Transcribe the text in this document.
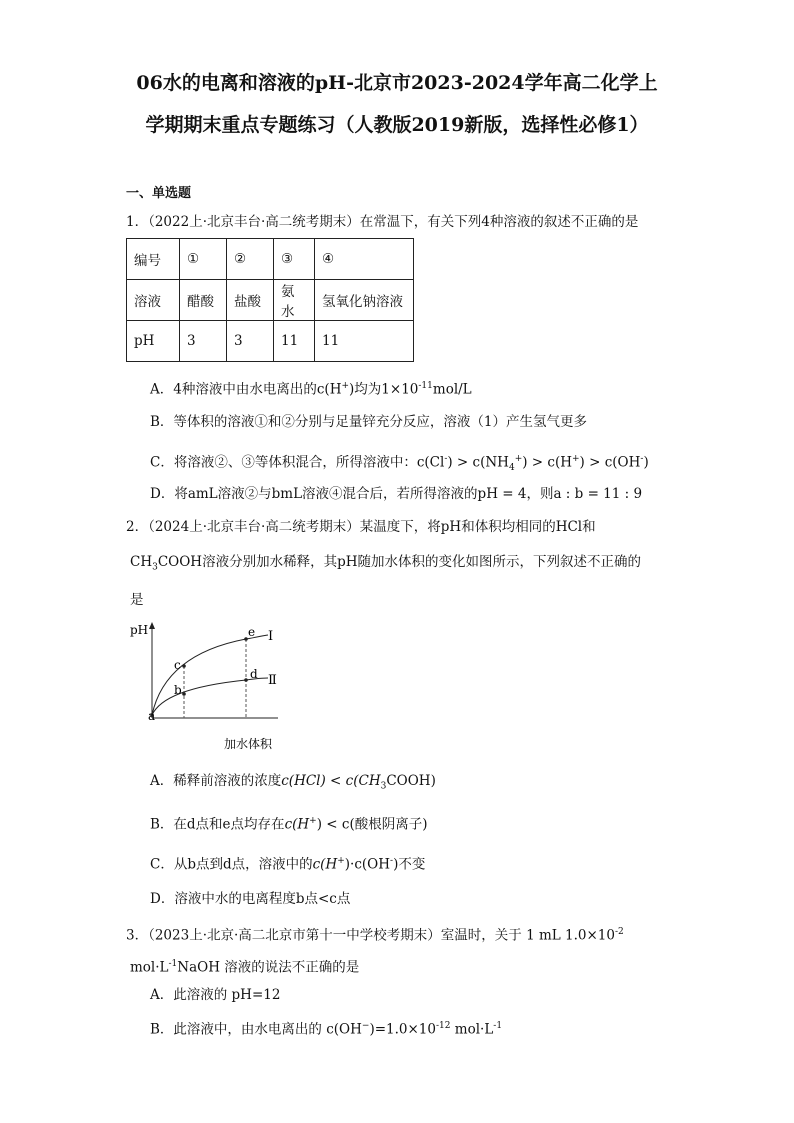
06水的电离和溶液的pH-北京市2023-2024学年高二化学上
学期期末重点专题练习（人教版2019新版，选择性必修1）
一、单选题
1．（2022上·北京丰台·高二统考期末）在常温下，有关下列4种溶液的叙述不正确的是
编号	①	②	③	④
溶液	醋酸	盐酸	氨水	氢氧化钠溶液
pH	3	3	11	11
A．4种溶液中由水电离出的c(H+)均为$1\times 10^{-11}mol/L$
B．等体积的溶液①和②分别与足量锌充分反应，溶液（1）产生氢气更多
C．将溶液②、③等体积混合，所得溶液中：$c(Cl^-) > c(NH_4^+) > c(H^+) > c(OH^-)$
D．将amL溶液②与bmL溶液④混合后，若所得溶液的pH = 4，则a : b = 11 : 9
2．（2024上·北京丰台·高二统考期末）某温度下，将pH和体积均相同的HCl和
$CH_3COOH$溶液分别加水稀释，其pH随加水体积的变化如图所示，下列叙述不正确的
是
pH
加水体积
a
b
c
d
e Ⅰ
Ⅱ
A．稀释前溶液的浓度$c(HCl) < c(CH_3COOH)$
B．在d点和e点均存在c(H+) < c(酸根阴离子)
C．从b点到d点，溶液中的c(H+)·c(OH-)不变
D．溶液中水的电离程度b点<c点
3．（2023上·北京·高二北京市第十一中学校考期末）室温时，关于 1 mL $1.0\times 10^{-2}$
$mol\cdot L^{-1}NaOH$ 溶液的说法不正确的是
A．此溶液的 pH=12
B．此溶液中，由水电离出的 $c(OH^-)=1.0\times 10^{-12}$ $mol\cdot L^{-1}$
